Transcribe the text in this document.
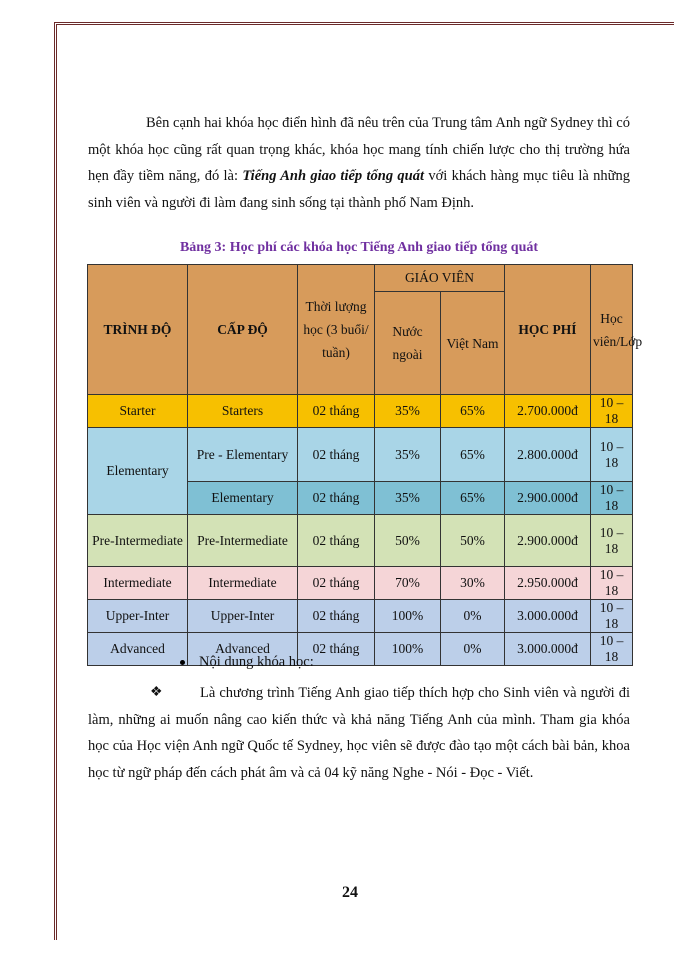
Bên cạnh hai khóa học điển hình đã nêu trên của Trung tâm Anh ngữ Sydney thì có một khóa học cũng rất quan trọng khác, khóa học mang tính chiến lược cho thị trường hứa hẹn đầy tiềm năng, đó là: Tiếng Anh giao tiếp tổng quát với khách hàng mục tiêu là những sinh viên và người đi làm đang sinh sống tại thành phố Nam Định.

Bảng 3: Học phí các khóa học Tiếng Anh giao tiếp tổng quát
TRÌNH ĐỘ	CẤP ĐỘ	Thời lượng học (3 buổi/ tuần)	GIÁO VIÊN		HỌC PHÍ	Học viên/Lớp
			Nước ngoài	Việt Nam		
Starter	Starters	02 tháng	35%	65%	2.700.000đ	10 – 18
Elementary	Pre - Elementary	02 tháng	35%	65%	2.800.000đ	10 – 18
	Elementary	02 tháng	35%	65%	2.900.000đ	10 – 18
Pre-Intermediate	Pre-Intermediate	02 tháng	50%	50%	2.900.000đ	10 – 18
Intermediate	Intermediate	02 tháng	70%	30%	2.950.000đ	10 – 18
Upper-Inter	Upper-Inter	02 tháng	100%	0%	3.000.000đ	10 – 18
Advanced	Advanced	02 tháng	100%	0%	3.000.000đ	10 – 18
Nội dung khóa học:
❖	Là chương trình Tiếng Anh giao tiếp thích hợp cho Sinh viên và người đi làm, những ai muốn nâng cao kiến thức và khả năng Tiếng Anh của mình. Tham gia khóa học của Học viện Anh ngữ Quốc tế Sydney, học viên sẽ được đào tạo một cách bài bản, khoa học từ ngữ pháp đến cách phát âm và cả 04 kỹ năng Nghe - Nói - Đọc - Viết.

24
